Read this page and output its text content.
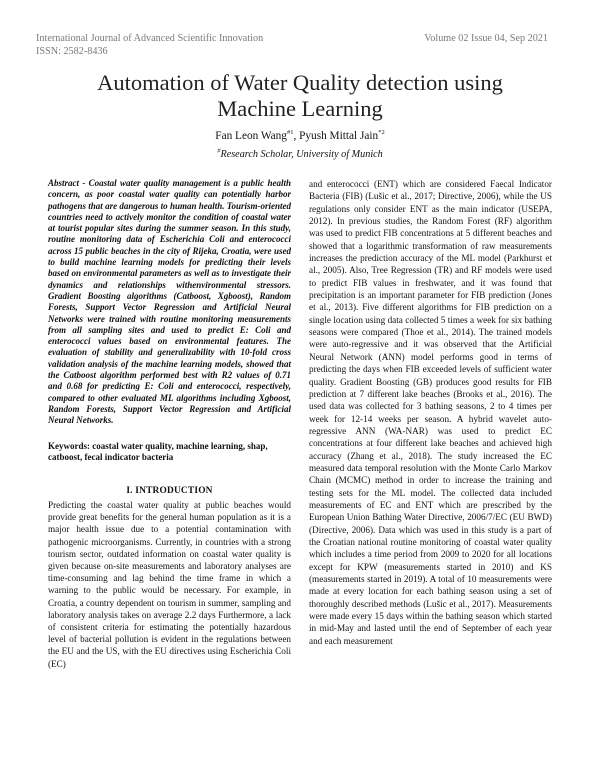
International Journal of Advanced Scientific Innovation
ISSN: 2582-8436
Volume 02 Issue 04, Sep 2021
Automation of Water Quality detection using Machine Learning
Fan Leon Wang$^{\#1}$, Pyush Mittal Jain$^{*2}$
#Research Scholar, University of Munich

Abstract - Coastal water quality management is a public health concern, as poor coastal water quality can potentially harbor pathogens that are dangerous to human health. Tourism-oriented countries need to actively monitor the condition of coastal water at tourist popular sites during the summer season. In this study, routine monitoring data of Escherichia Coli and enterococci across 15 public beaches in the city of Rijeka, Croatia, were used to build machine learning models for predicting their levels based on environmental parameters as well as to investigate their dynamics and relationships withenvironmental stressors. Gradient Boosting algorithms (Catboost, Xgboost), Random Forests, Support Vector Regression and Artificial Neural Networks were trained with routine monitoring measurements from all sampling sites and used to predict E: Coli and enterococci values based on environmental features. The evaluation of stability and generalizability with 10-fold cross validation analysis of the machine learning models, showed that the Catboost algorithm performed best with R2 values of 0.71 and 0.68 for predicting E: Coli and enterococci, respectively, compared to other evaluated ML algorithms including Xgboost, Random Forests, Support Vector Regression and Artificial Neural Networks.

Keywords: coastal water quality, machine learning, shap, catboost, fecal indicator bacteria

I. INTRODUCTION

Predicting the coastal water quality at public beaches would provide great benefits for the general human population as it is a major health issue due to a potential contamination with pathogenic microorganisms. Currently, in countries with a strong tourism sector, outdated information on coastal water quality is given because on-site measurements and laboratory analyses are time-consuming and lag behind the time frame in which a warning to the public would be necessary. For example, in Croatia, a country dependent on tourism in summer, sampling and laboratory analysis takes on average 2.2 days Furthermore, a lack of consistent criteria for estimating the potentially hazardous level of bacterial pollution is evident in the regulations between the EU and the US, with the EU directives using Escherichia Coli (EC)

and enterococci (ENT) which are considered Faecal Indicator Bacteria (FIB) (Lušic et al., 2017; Directive, 2006), while the US regulations only consider ENT as the main indicator (USEPA, 2012). In previous studies, the Random Forest (RF) algorithm was used to predict FIB concentrations at 5 different beaches and showed that a logarithmic transformation of raw measurements increases the prediction accuracy of the ML model (Parkhurst et al., 2005). Also, Tree Regression (TR) and RF models were used to predict FIB values in freshwater, and it was found that precipitation is an important parameter for FIB prediction (Jones et al., 2013). Five different algorithms for FIB prediction on a single location using data collected 5 times a week for six bathing seasons were compared (Thoe et al., 2014). The trained models were auto-regressive and it was observed that the Artificial Neural Network (ANN) model performs good in terms of predicting the days when FIB exceeded levels of sufficient water quality. Gradient Boosting (GB) produces good results for FIB prediction at 7 different lake beaches (Brooks et al., 2016). The used data was collected for 3 bathing seasons, 2 to 4 times per week for 12-14 weeks per season. A hybrid wavelet auto-regressive ANN (WA-NAR) was used to predict EC concentrations at four different lake beaches and achieved high accuracy (Zhang et al., 2018). The study increased the EC measured data temporal resolution with the Monte Carlo Markov Chain (MCMC) method in order to increase the training and testing sets for the ML model. The collected data included measurements of EC and ENT which are prescribed by the European Union Bathing Water Directive, 2006/7/EC (EU BWD) (Directive, 2006). Data which was used in this study is a part of the Croatian national routine monitoring of coastal water quality which includes a time period from 2009 to 2020 for all locations except for KPW (measurements started in 2010) and KS (measurements started in 2019). A total of 10 measurements were made at every location for each bathing season using a set of thoroughly described methods (Lušic et al., 2017). Measurements were made every 15 days within the bathing season which started in mid-May and lasted until the end of September of each year and each measurement
